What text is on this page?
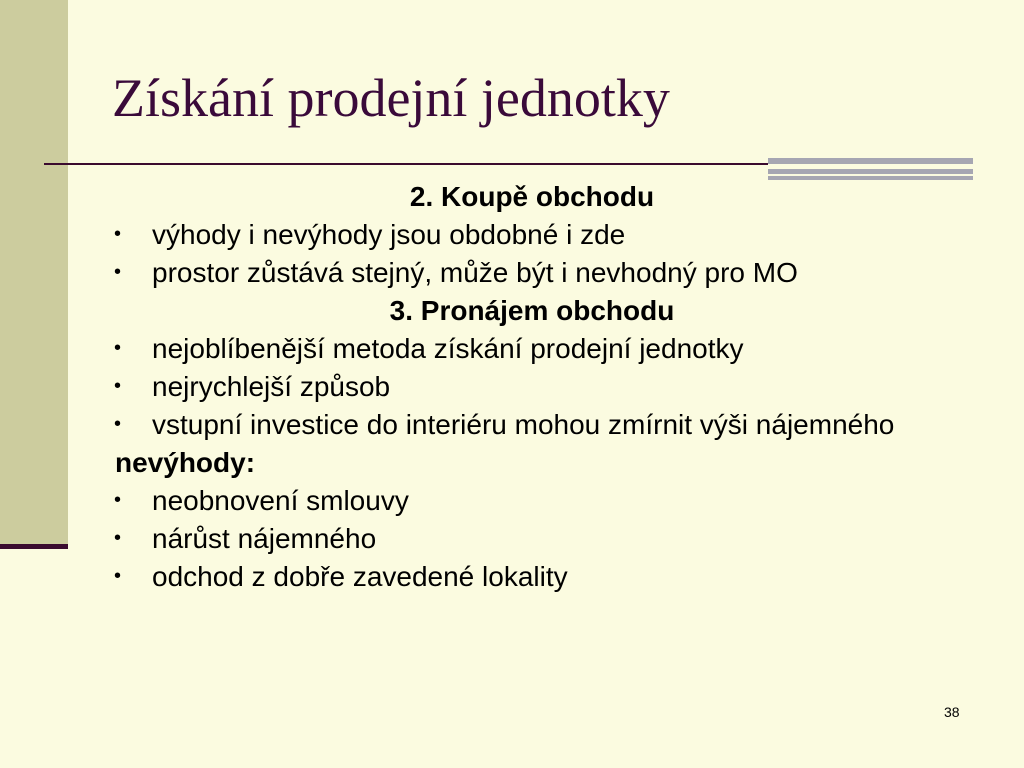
Získání prodejní jednotky
2. Koupě obchodu
• výhody i nevýhody jsou obdobné i zde
• prostor zůstává stejný, může být i nevhodný pro MO
3. Pronájem obchodu
• nejoblíbenější metoda získání prodejní jednotky
• nejrychlejší způsob
• vstupní investice do interiéru mohou zmírnit výši nájemného
nevýhody:
• neobnovení smlouvy
• nárůst nájemného
• odchod z dobře zavedené lokality
38
